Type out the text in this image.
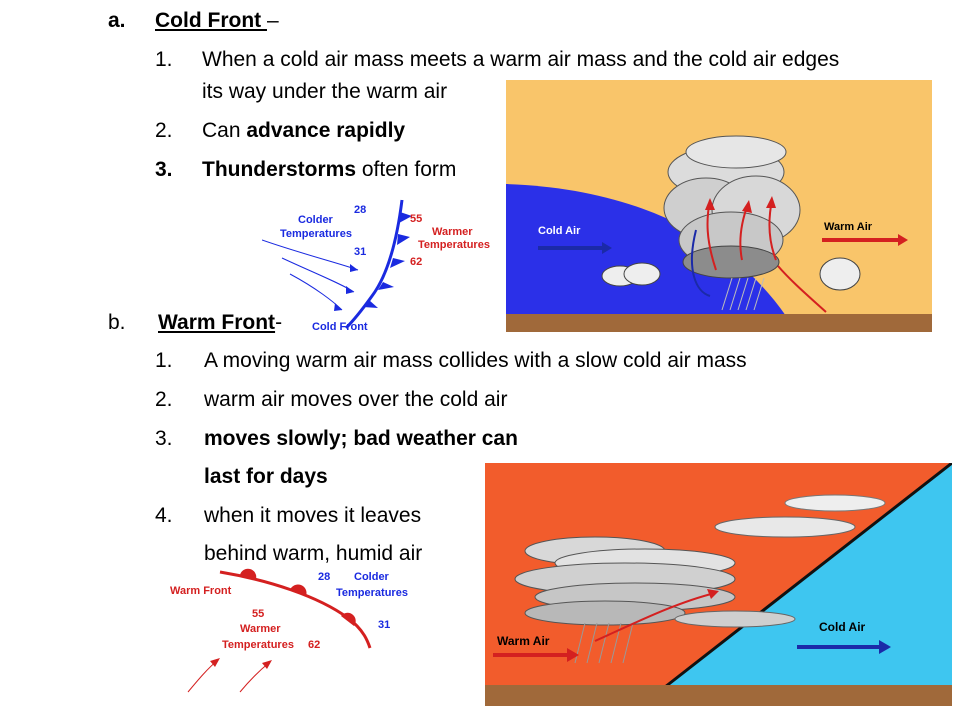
a. Cold Front –
1. When a cold air mass meets a warm air mass and the cold air edges
its way under the warm air
2. Can advance rapidly
3. Thunderstorms often form
Colder
Temperatures
28
31
55
62
Warmer
Temperatures
Cold Front
Cold Air	Warm Air
b. Warm Front-
1. A moving warm air mass collides with a slow cold air mass
2. warm air moves over the cold air
3. moves slowly; bad weather can
last for days
4. when it moves it leaves
behind warm, humid air
Warm Front
28 Colder
Temperatures
55
Warmer
Temperatures 62
31
Warm Air
Cold Air
